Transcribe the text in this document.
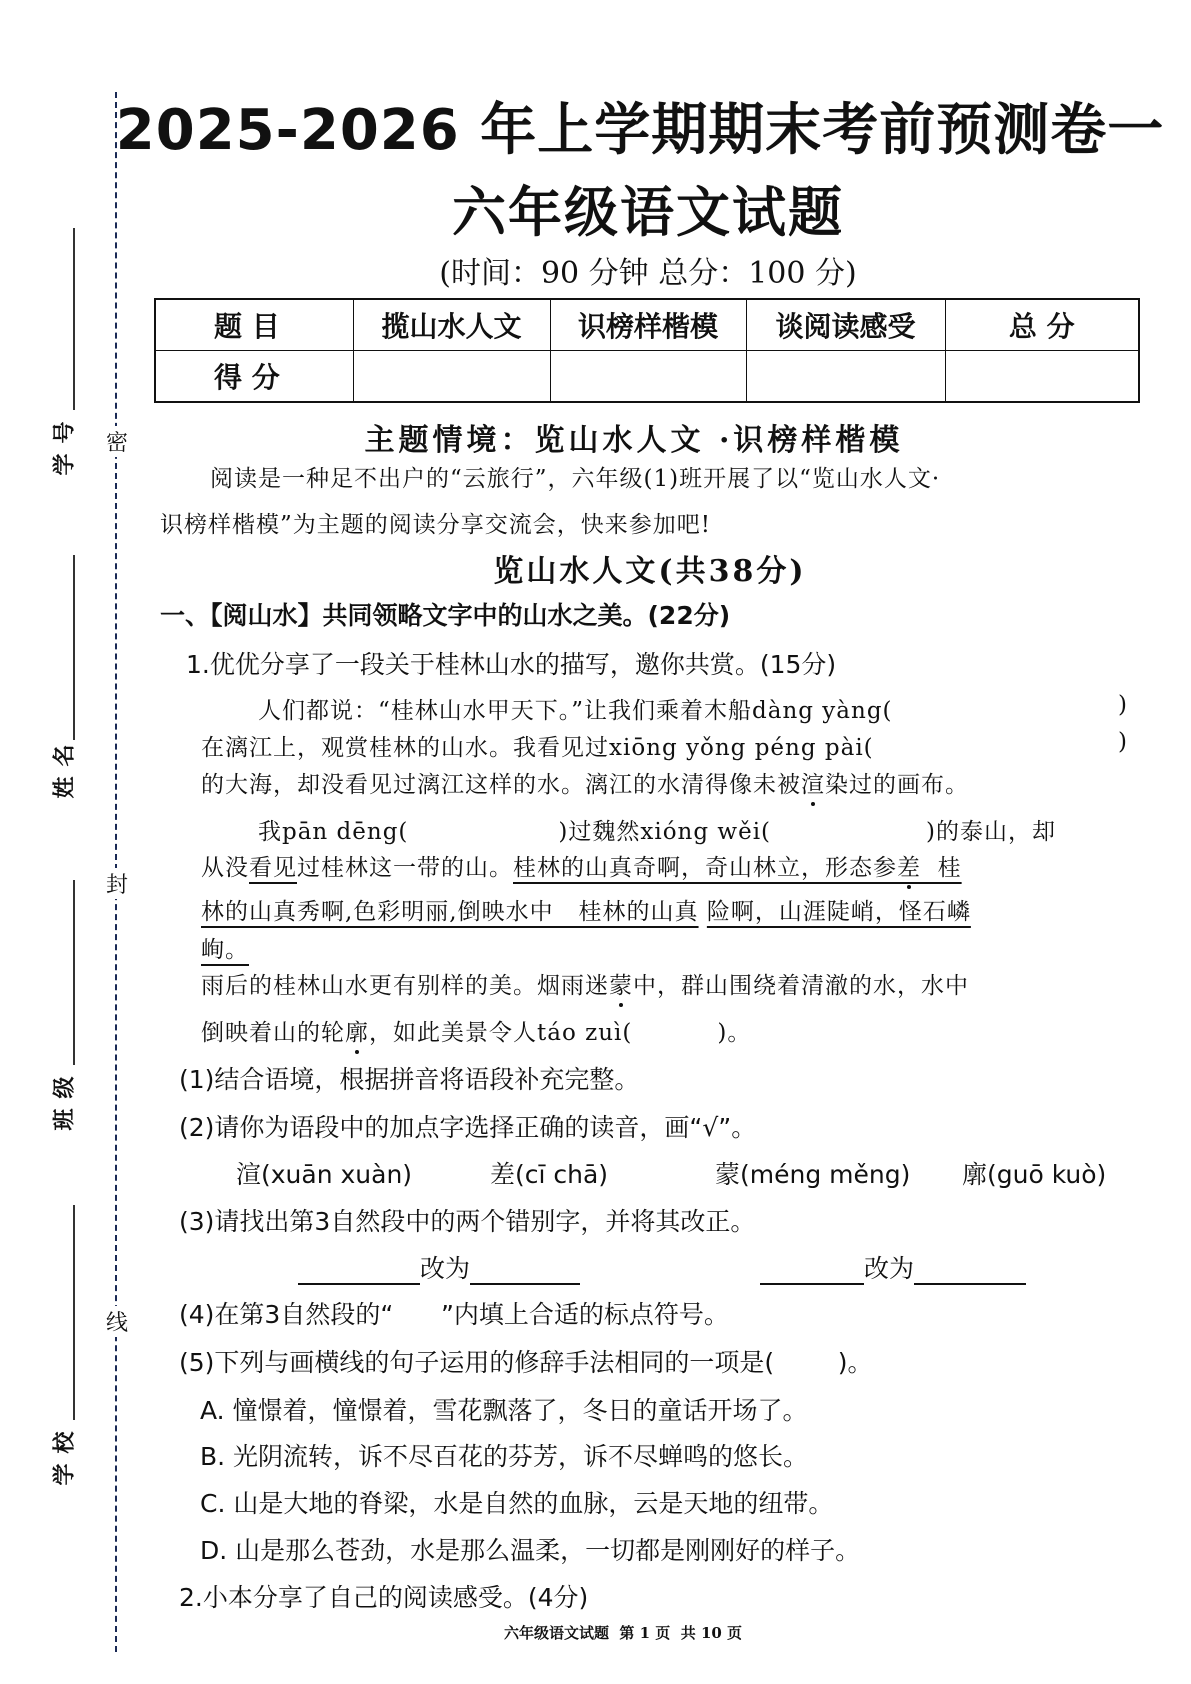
密
封
线
学号
姓名
班级
学校
2025-2026 年上学期期末考前预测卷一
六年级语文试题
(时间：90 分钟 总分：100 分)
题 目	揽山水人文	识榜样楷模	谈阅读感受	总 分
得 分				
主题情境：览山水人文 ·识榜样楷模
阅读是一种足不出户的“云旅行”，六年级(1)班开展了以“览山水人文·
识榜样楷模”为主题的阅读分享交流会，快来参加吧!
览山水人文(共38分)
一、【阅山水】共同领略文字中的山水之美。(22分)
1.优优分享了一段关于桂林山水的描写，邀你共赏。(15分)
人们都说：“桂林山水甲天下。”让我们乘着木船dàng yàng(	)
在漓江上，观赏桂林的山水。我看见过xiōng yǒng péng pài(	)
的大海，却没看见过漓江这样的水。漓江的水清得像未被渲染过的画布。
我pān dēng(	)过魏然xióng wěi(	)的泰山，却
从没看见过桂林这一带的山。桂林的山真奇啊，奇山林立，形态参差  桂
林的山真秀啊,色彩明丽,倒映水中   桂林的山真 险啊，山涯陡峭，怪石嶙
峋。
雨后的桂林山水更有别样的美。烟雨迷蒙中，群山围绕着清澈的水，水中
倒映着山的轮廓，如此美景令人táo zuì(	)。
(1)结合语境，根据拼音将语段补充完整。
(2)请你为语段中的加点字选择正确的读音，画“√”。
渲(xuān xuàn)	差(cī chā)	蒙(méng měng) 廓(guō kuò)
(3)请找出第3自然段中的两个错别字，并将其改正。
改为	改为
(4)在第3自然段的“      ”内填上合适的标点符号。
(5)下列与画横线的句子运用的修辞手法相同的一项是(        )。
A. 憧憬着，憧憬着，雪花飘落了，冬日的童话开场了。
B. 光阴流转，诉不尽百花的芬芳，诉不尽蝉鸣的悠长。
C. 山是大地的脊梁，水是自然的血脉，云是天地的纽带。
D. 山是那么苍劲，水是那么温柔，一切都是刚刚好的样子。
2.小本分享了自己的阅读感受。(4分)
六年级语文试题  第 1 页  共 10 页
